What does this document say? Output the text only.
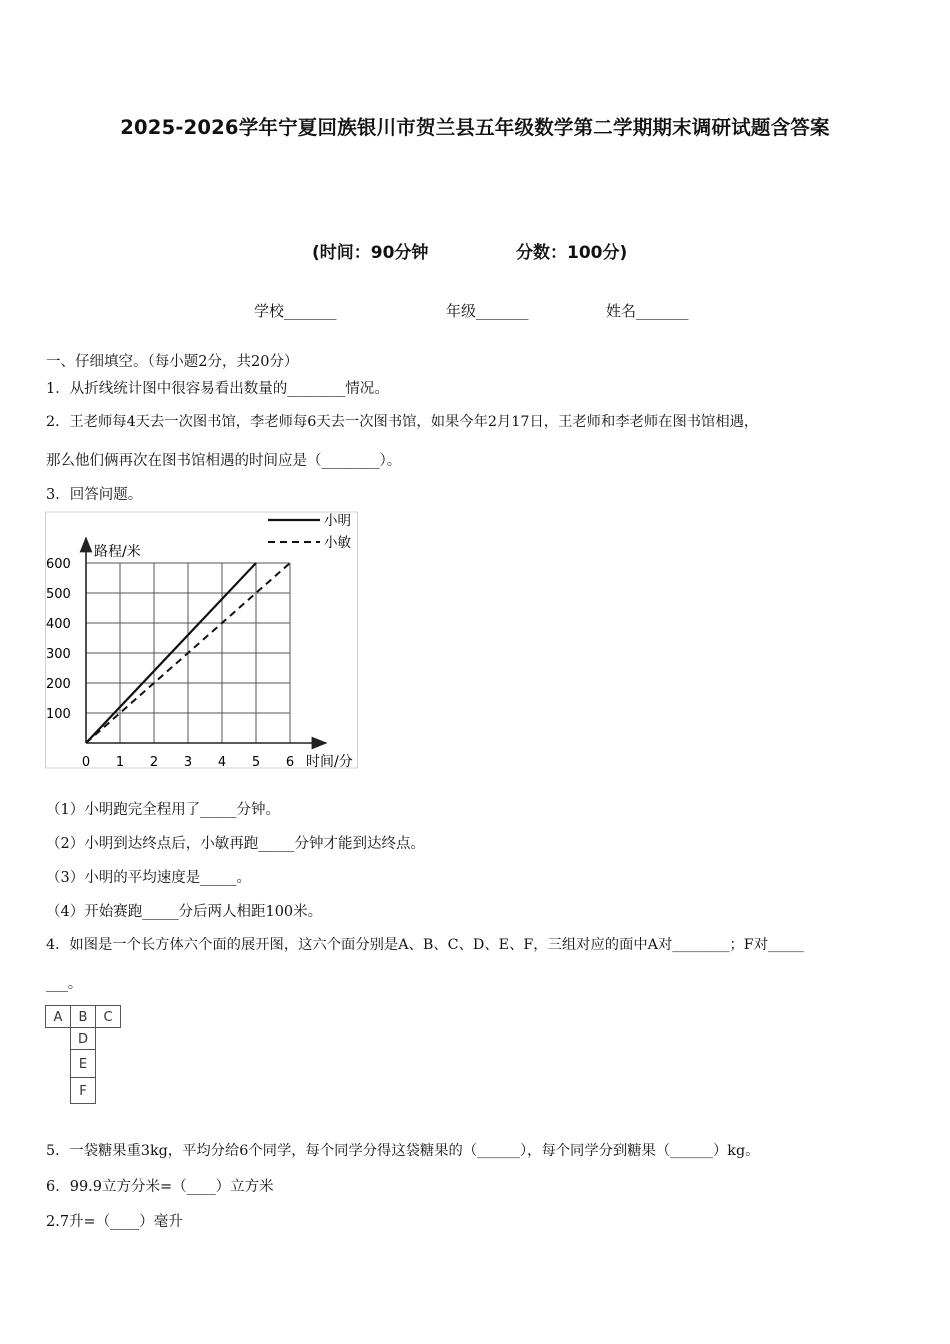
2025-2026学年宁夏回族银川市贺兰县五年级数学第二学期期末调研试题含答案
(时间：90分钟	分数：100分)
学校_______	年级_______	姓名_______
一、仔细填空。（每小题2分，共20分）
1．从折线统计图中很容易看出数量的________情况。
2．王老师每4天去一次图书馆，李老师每6天去一次图书馆，如果今年2月17日，王老师和李老师在图书馆相遇，
那么他们俩再次在图书馆相遇的时间应是（________）。
3．回答问题。
100
200
300
400
500
600
0 1 2 3 4 5 6
路程/米
时间/分
小明
小敏
（1）小明跑完全程用了_____分钟。
（2）小明到达终点后，小敏再跑_____分钟才能到达终点。
（3）小明的平均速度是_____。
（4）开始赛跑_____分后两人相距100米。
4．如图是一个长方体六个面的展开图，这六个面分别是A、B、C、D、E、F，三组对应的面中A对________；F对_____
___。
A B C
D
E
F
5．一袋糖果重3kg，平均分给6个同学，每个同学分得这袋糖果的（______），每个同学分到糖果（______）kg。
6．99.9立方分米=（____）立方米
2.7升=（____）毫升
